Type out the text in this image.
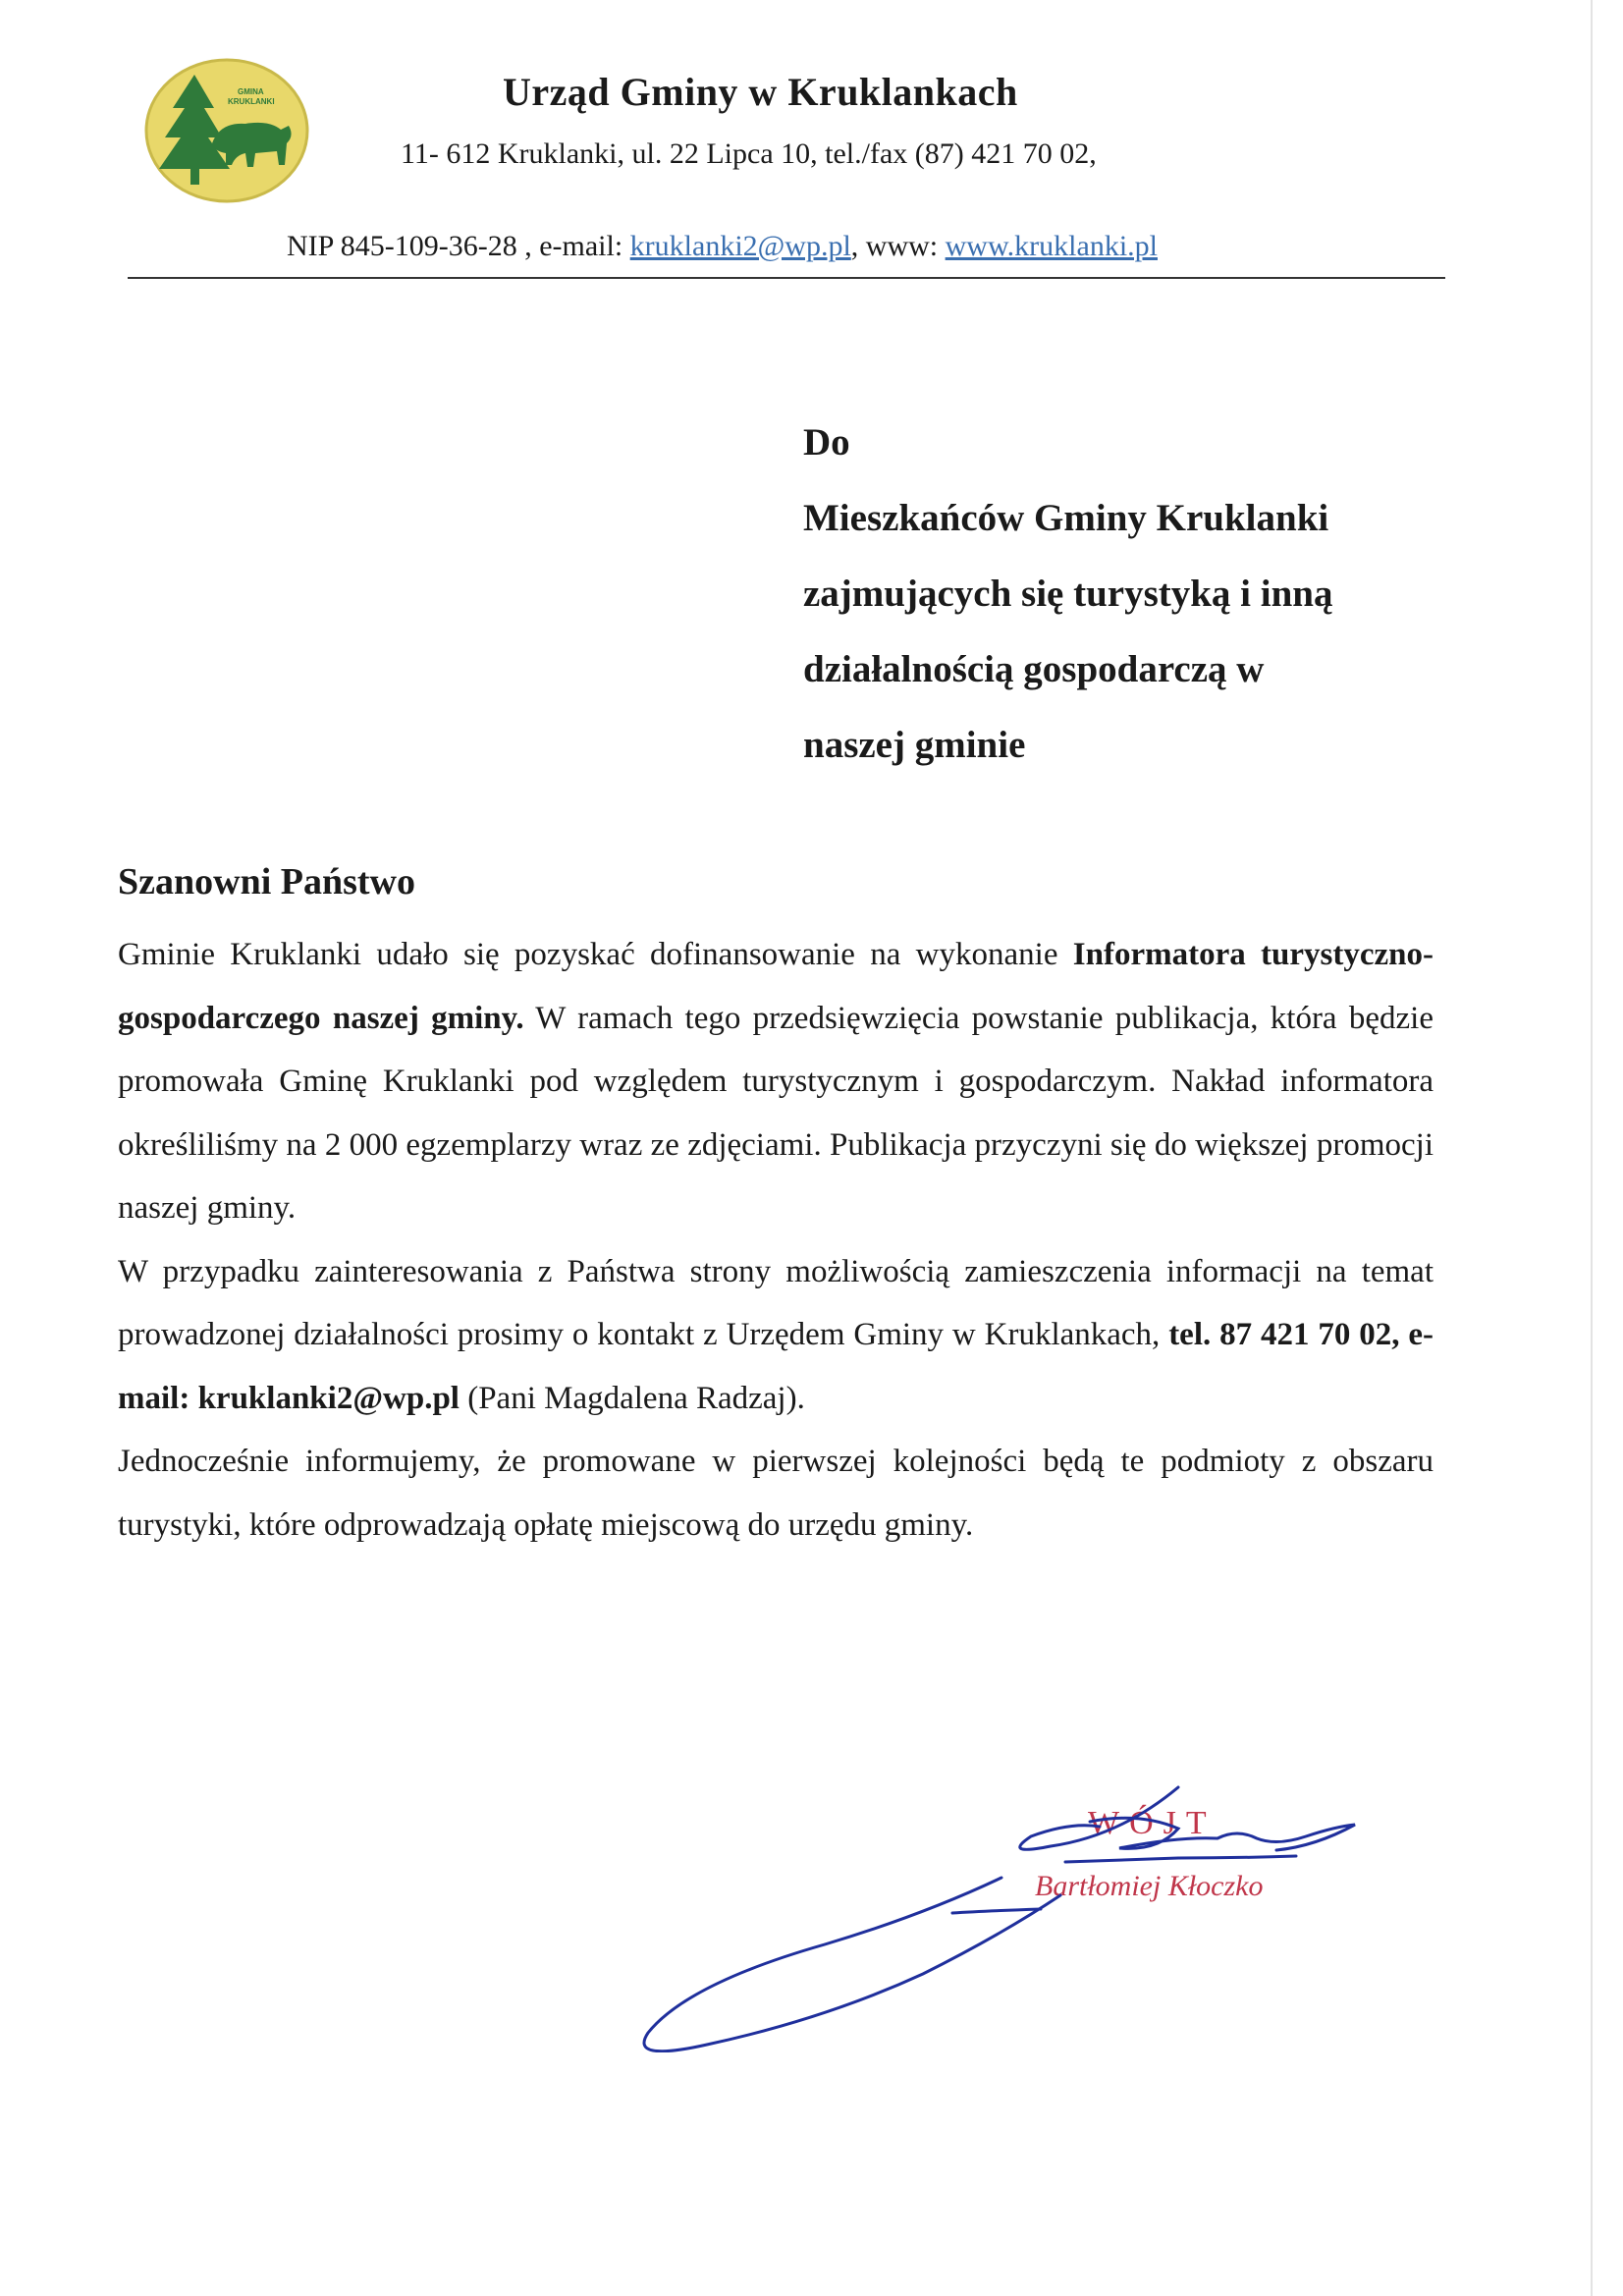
GMINA
KRUKLANKI	Urząd Gminy w Kruklankach
11- 612 Kruklanki, ul. 22 Lipca 10, tel./fax (87) 421 70 02,
NIP 845-109-36-28 , e-mail: kruklanki2@wp.pl, www: www.kruklanki.pl
Do
Mieszkańców Gminy Kruklanki
zajmujących się turystyką i inną
działalnością gospodarczą w
naszej gminie
Szanowni Państwo

Gminie Kruklanki udało się pozyskać dofinansowanie na wykonanie Informatora turystyczno- gospodarczego naszej gminy. W ramach tego przedsięwzięcia powstanie publikacja, która będzie promowała Gminę Kruklanki pod względem turystycznym i gospodarczym. Nakład informatora określiliśmy na 2 000 egzemplarzy wraz ze zdjęciami. Publikacja przyczyni się do większej promocji naszej gminy.

W przypadku zainteresowania z Państwa strony możliwością zamieszczenia informacji na temat prowadzonej działalności prosimy o kontakt z Urzędem Gminy w Kruklankach, tel. 87 421 70 02, e-mail: kruklanki2@wp.pl (Pani Magdalena Radzaj).

Jednocześnie informujemy, że promowane w pierwszej kolejności będą te podmioty z obszaru turystyki, które odprowadzają opłatę miejscową do urzędu gminy.

WÓJT
Bartłomiej Kłoczko
